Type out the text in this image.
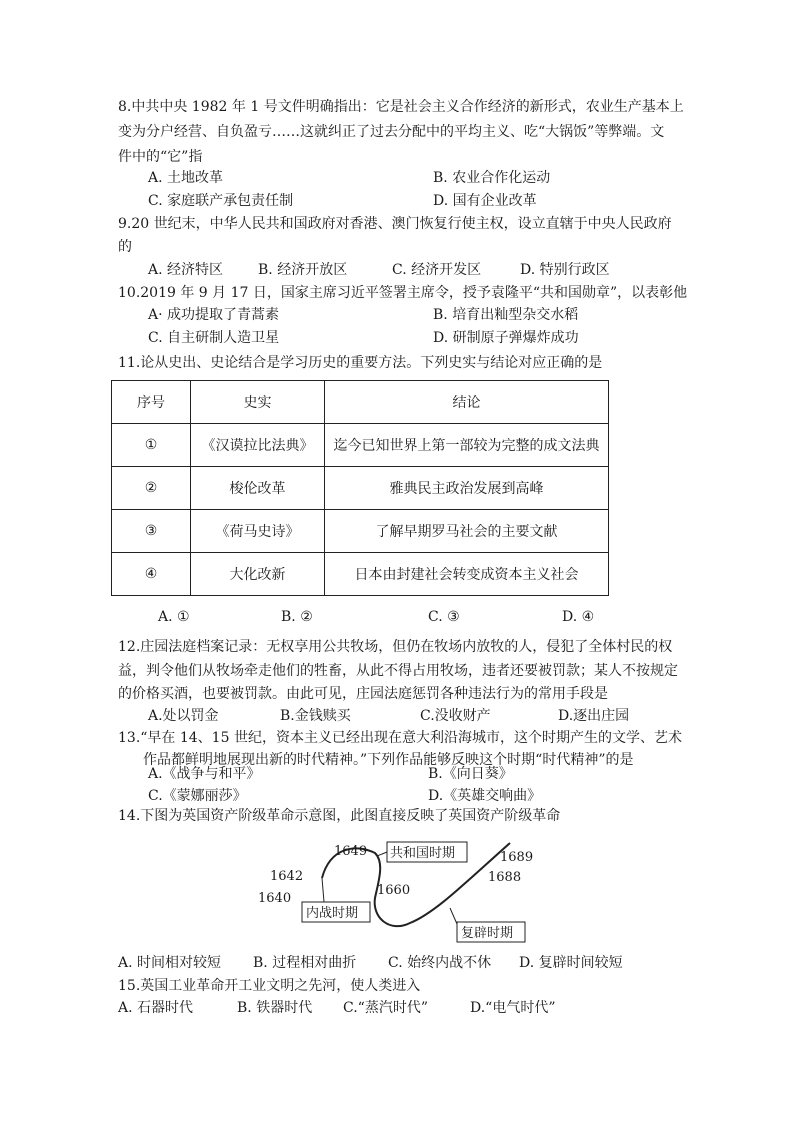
8.中共中央 1982 年 1 号文件明确指出：它是社会主义合作经济的新形式，农业生产基本上
变为分户经营、自负盈亏……这就纠正了过去分配中的平均主义、吃“大锅饭”等弊端。文
件中的“它”指
A. 土地改革	B. 农业合作化运动
C. 家庭联产承包责任制	D. 国有企业改革
9.20 世纪末，中华人民共和国政府对香港、澳门恢复行使主权，设立直辖于中央人民政府
的
A. 经济特区 B. 经济开放区	C. 经济开发区	D. 特别行政区
10.2019 年 9 月 17 日，国家主席习近平签署主席令，授予袁隆平“共和国勋章”，以表彰他
A· 成功提取了青蒿素	B. 培育出籼型杂交水稻
C. 自主研制人造卫星	D. 研制原子弹爆炸成功
11.论从史出、史论结合是学习历史的重要方法。下列史实与结论对应正确的是
序号	史实	结论
①	《汉谟拉比法典》	迄今已知世界上第一部较为完整的成文法典
②	梭伦改革	雅典民主政治发展到高峰
③	《荷马史诗》	了解早期罗马社会的主要文献
④	大化改新	日本由封建社会转变成资本主义社会
A. ①	B. ②	C. ③	D. ④
12.庄园法庭档案记录：无权享用公共牧场，但仍在牧场内放牧的人，侵犯了全体村民的权
益，判令他们从牧场牵走他们的牲畜，从此不得占用牧场，违者还要被罚款；某人不按规定
的价格买酒，也要被罚款。由此可见，庄园法庭惩罚各种违法行为的常用手段是
A.处以罚金	B.金钱赎买	C.没收财产	D.逐出庄园
13.“早在 14、15 世纪，资本主义已经出现在意大利沿海城市，这个时期产生的文学、艺术
作品都鲜明地展现出新的时代精神。”下列作品能够反映这个时期“时代精神”的是
A.《战争与和平》	B.《向日葵》
C.《蒙娜丽莎》	D.《英雄交响曲》
14.下图为英国资产阶级革命示意图，此图直接反映了英国资产阶级革命
1640
1642
1649
1660
1688
1689
共和国时期
内战时期
复辟时期
A. 时间相对较短 B. 过程相对曲折 C. 始终内战不休 D. 复辟时间较短
15.英国工业革命开工业文明之先河，使人类进入
A. 石器时代	B. 铁器时代 C.“蒸汽时代”	D.“电气时代”
